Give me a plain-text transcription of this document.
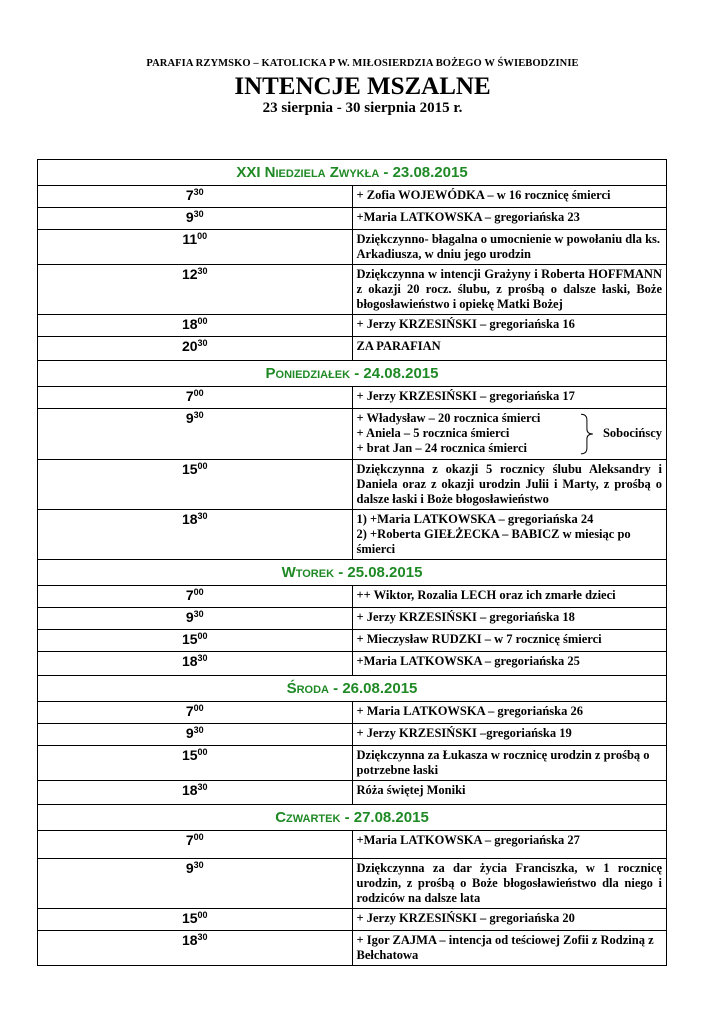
PARAFIA RZYMSKO – KATOLICKA P W. MIŁOSIERDZIA BOŻEGO W ŚWIEBODZINIE
INTENCJE MSZALNE
23 sierpnia - 30 sierpnia 2015 r.
XXI Niedziela Zwykła - 23.08.2015	
$7^{30}$	+ Zofia WOJEWÓDKA – w 16 rocznicę śmierci

$9^{30}$	+Maria LATKOWSKA – gregoriańska 23

$11^{00}$	Dziękczynno- błagalna o umocnienie w powołaniu dla ks. Arkadiusza, w dniu jego urodzin

$12^{30}$	Dziękczynna w intencji Grażyny i Roberta HOFFMANN z okazji 20 rocz. ślubu, z prośbą o dalsze łaski, Boże błogosławieństwo i opiekę Matki Bożej

$18^{00}$	+ Jerzy KRZESIŃSKI – gregoriańska 16

$20^{30}$	ZA PARAFIAN

Poniedziałek - 24.08.2015	
$7^{00}$	+ Jerzy KRZESIŃSKI – gregoriańska 17

$9^{30}$	+ Władysław – 20 rocznica śmierci
+ Aniela – 5 rocznica śmierci
+ brat Jan – 24 rocznica śmierci
Sobocińscy

$15^{00}$	Dziękczynna z okazji 5 rocznicy ślubu Aleksandry i Daniela oraz z okazji urodzin Julii i Marty, z prośbą o dalsze łaski i Boże błogosławieństwo

$18^{30}$	1) +Maria LATKOWSKA – gregoriańska 24
2) +Roberta GIEŁŻECKA – BABICZ w miesiąc po śmierci

Wtorek - 25.08.2015	
$7^{00}$	++ Wiktor, Rozalia LECH oraz ich zmarłe dzieci

$9^{30}$	+ Jerzy KRZESIŃSKI – gregoriańska 18

$15^{00}$	+ Mieczysław RUDZKI – w 7 rocznicę śmierci

$18^{30}$	+Maria LATKOWSKA – gregoriańska 25

Środa - 26.08.2015	
$7^{00}$	+ Maria LATKOWSKA – gregoriańska 26

$9^{30}$	+ Jerzy KRZESIŃSKI –gregoriańska 19

$15^{00}$	Dziękczynna za Łukasza w rocznicę urodzin z prośbą o potrzebne łaski

$18^{30}$	Róża świętej Moniki

Czwartek - 27.08.2015	
$7^{00}$	+Maria LATKOWSKA – gregoriańska 27

$9^{30}$	Dziękczynna za dar życia Franciszka, w 1 rocznicę urodzin, z prośbą o Boże błogosławieństwo dla niego i rodziców na dalsze lata

$15^{00}$	+ Jerzy KRZESIŃSKI – gregoriańska 20

$18^{30}$	+ Igor ZAJMA – intencja od teściowej Zofii z Rodziną z Bełchatowa
